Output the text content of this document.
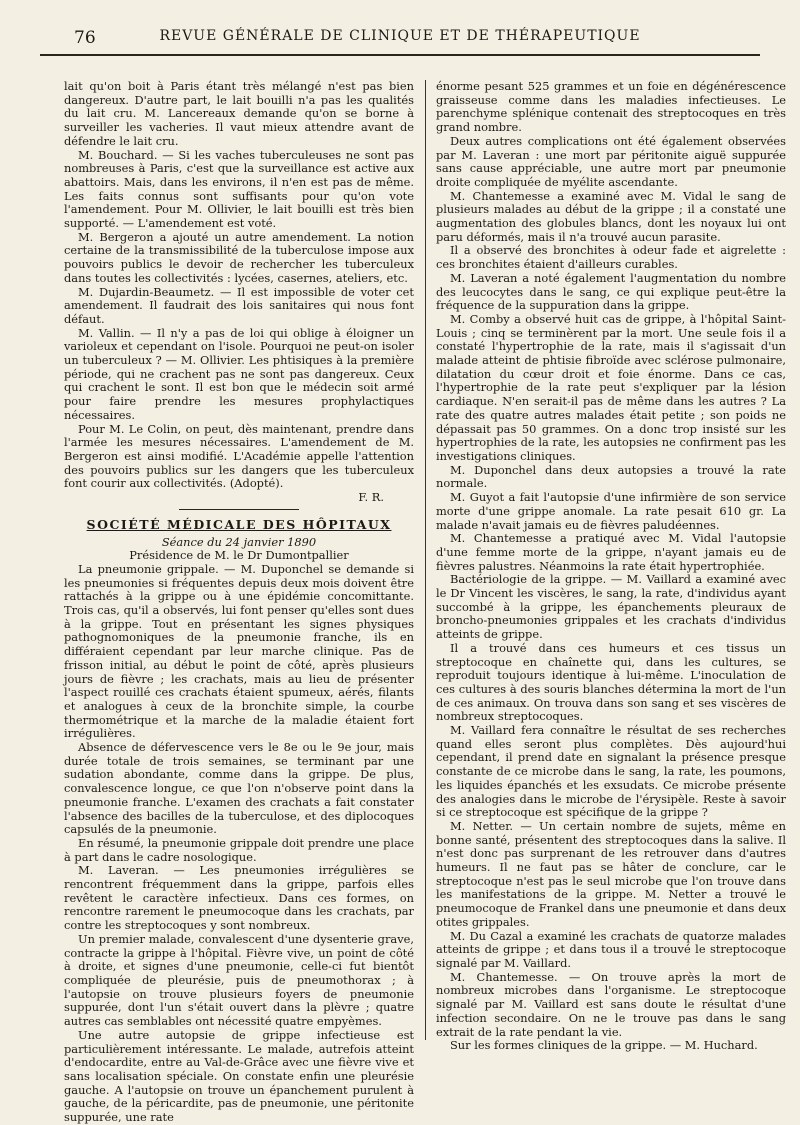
76	REVUE GÉNÉRALE DE CLINIQUE ET DE THÉRAPEUTIQUE

lait qu'on boit à Paris étant très mélangé n'est pas bien dangereux. D'autre part, le lait bouilli n'a pas les qualités du lait cru. M. Lancereaux demande qu'on se borne à surveiller les vacheries. Il vaut mieux attendre avant de défendre le lait cru.

M. Bouchard. — Si les vaches tuberculeuses ne sont pas nombreuses à Paris, c'est que la surveillance est active aux abattoirs. Mais, dans les environs, il n'en est pas de même. Les faits connus sont suffisants pour qu'on vote l'amendement. Pour M. Ollivier, le lait bouilli est très bien supporté. — L'amendement est voté.

M. Bergeron a ajouté un autre amendement. La notion certaine de la transmissibilité de la tuberculose impose aux pouvoirs publics le devoir de rechercher les tuberculeux dans toutes les collectivités : lycées, casernes, ateliers, etc.

M. Dujardin-Beaumetz. — Il est impossible de voter cet amendement. Il faudrait des lois sanitaires qui nous font défaut.

M. Vallin. — Il n'y a pas de loi qui oblige à éloigner un varioleux et cependant on l'isole. Pourquoi ne peut-on isoler un tuberculeux ? — M. Ollivier. Les phtisiques à la première période, qui ne crachent pas ne sont pas dangereux. Ceux qui crachent le sont. Il est bon que le médecin soit armé pour faire prendre les mesures prophylactiques nécessaires.

Pour M. Le Colin, on peut, dès maintenant, prendre dans l'armée les mesures nécessaires. L'amendement de M. Bergeron est ainsi modifié. L'Académie appelle l'attention des pouvoirs publics sur les dangers que les tuberculeux font courir aux collectivités. (Adopté).

F. R.
SOCIÉTÉ MÉDICALE DES HÔPITAUX

Séance du 24 janvier 1890

Présidence de M. le Dr Dumontpallier

La pneumonie grippale. — M. Duponchel se demande si les pneumonies si fréquentes depuis deux mois doivent être rattachés à la grippe ou à une épidémie concomittante. Trois cas, qu'il a observés, lui font penser qu'elles sont dues à la grippe. Tout en présentant les signes physiques pathognomoniques de la pneumonie franche, ils en différaient cependant par leur marche clinique. Pas de frisson initial, au début le point de côté, après plusieurs jours de fièvre ; les crachats, mais au lieu de présenter l'aspect rouillé ces crachats étaient spumeux, aérés, filants et analogues à ceux de la bronchite simple, la courbe thermométrique et la marche de la maladie étaient fort irrégulières.

Absence de défervescence vers le 8e ou le 9e jour, mais durée totale de trois semaines, se terminant par une sudation abondante, comme dans la grippe. De plus, convalescence longue, ce que l'on n'observe point dans la pneumonie franche. L'examen des crachats a fait constater l'absence des bacilles de la tuberculose, et des diplocoques capsulés de la pneumonie.

En résumé, la pneumonie grippale doit prendre une place à part dans le cadre nosologique.

M. Laveran. — Les pneumonies irrégulières se rencontrent fréquemment dans la grippe, parfois elles revêtent le caractère infectieux. Dans ces formes, on rencontre rarement le pneumocoque dans les crachats, par contre les streptocoques y sont nombreux.

Un premier malade, convalescent d'une dysenterie grave, contracte la grippe à l'hôpital. Fièvre vive, un point de côté à droite, et signes d'une pneumonie, celle-ci fut bientôt compliquée de pleurésie, puis de pneumothorax ; à l'autopsie on trouve plusieurs foyers de pneumonie suppurée, dont l'un s'était ouvert dans la plèvre ; quatre autres cas semblables ont nécessité quatre empyèmes.

Une autre autopsie de grippe infectieuse est particulièrement intéressante. Le malade, autrefois atteint d'endocardite, entre au Val-de-Grâce avec une fièvre vive et sans localisation spéciale. On constate enfin une pleurésie gauche. A l'autopsie on trouve un épanchement purulent à gauche, de la péricardite, pas de pneumonie, une péritonite suppurée, une rate

énorme pesant 525 grammes et un foie en dégénérescence graisseuse comme dans les maladies infectieuses. Le parenchyme splénique contenait des streptocoques en très grand nombre.

Deux autres complications ont été également observées par M. Laveran : une mort par péritonite aiguë suppurée sans cause appréciable, une autre mort par pneumonie droite compliquée de myélite ascendante.

M. Chantemesse a examiné avec M. Vidal le sang de plusieurs malades au début de la grippe ; il a constaté une augmentation des globules blancs, dont les noyaux lui ont paru déformés, mais il n'a trouvé aucun parasite.

Il a observé des bronchites à odeur fade et aigrelette : ces bronchites étaient d'ailleurs curables.

M. Laveran a noté également l'augmentation du nombre des leucocytes dans le sang, ce qui explique peut-être la fréquence de la suppuration dans la grippe.

M. Comby a observé huit cas de grippe, à l'hôpital Saint-Louis ; cinq se terminèrent par la mort. Une seule fois il a constaté l'hypertrophie de la rate, mais il s'agissait d'un malade atteint de phtisie fibroïde avec sclérose pulmonaire, dilatation du cœur droit et foie énorme. Dans ce cas, l'hypertrophie de la rate peut s'expliquer par la lésion cardiaque. N'en serait-il pas de même dans les autres ? La rate des quatre autres malades était petite ; son poids ne dépassait pas 50 grammes. On a donc trop insisté sur les hypertrophies de la rate, les autopsies ne confirment pas les investigations cliniques.

M. Duponchel dans deux autopsies a trouvé la rate normale.

M. Guyot a fait l'autopsie d'une infirmière de son service morte d'une grippe anomale. La rate pesait 610 gr. La malade n'avait jamais eu de fièvres paludéennes.

M. Chantemesse a pratiqué avec M. Vidal l'autopsie d'une femme morte de la grippe, n'ayant jamais eu de fièvres palustres. Néanmoins la rate était hypertrophiée.

Bactériologie de la grippe. — M. Vaillard a examiné avec le Dr Vincent les viscères, le sang, la rate, d'individus ayant succombé à la grippe, les épanchements pleuraux de broncho-pneumonies grippales et les crachats d'individus atteints de grippe.

Il a trouvé dans ces humeurs et ces tissus un streptocoque en chaînette qui, dans les cultures, se reproduit toujours identique à lui-même. L'inoculation de ces cultures à des souris blanches détermina la mort de l'un de ces animaux. On trouva dans son sang et ses viscères de nombreux streptocoques.

M. Vaillard fera connaître le résultat de ses recherches quand elles seront plus complètes. Dès aujourd'hui cependant, il prend date en signalant la présence presque constante de ce microbe dans le sang, la rate, les poumons, les liquides épanchés et les exsudats. Ce microbe présente des analogies dans le microbe de l'érysipèle. Reste à savoir si ce streptocoque est spécifique de la grippe ?

M. Netter. — Un certain nombre de sujets, même en bonne santé, présentent des streptocoques dans la salive. Il n'est donc pas surprenant de les retrouver dans d'autres humeurs. Il ne faut pas se hâter de conclure, car le streptocoque n'est pas le seul microbe que l'on trouve dans les manifestations de la grippe. M. Netter a trouvé le pneumocoque de Frankel dans une pneumonie et dans deux otites grippales.

M. Du Cazal a examiné les crachats de quatorze malades atteints de grippe ; et dans tous il a trouvé le streptocoque signalé par M. Vaillard.

M. Chantemesse. — On trouve après la mort de nombreux microbes dans l'organisme. Le streptocoque signalé par M. Vaillard est sans doute le résultat d'une infection secondaire. On ne le trouve pas dans le sang extrait de la rate pendant la vie.

Sur les formes cliniques de la grippe. — M. Huchard.
